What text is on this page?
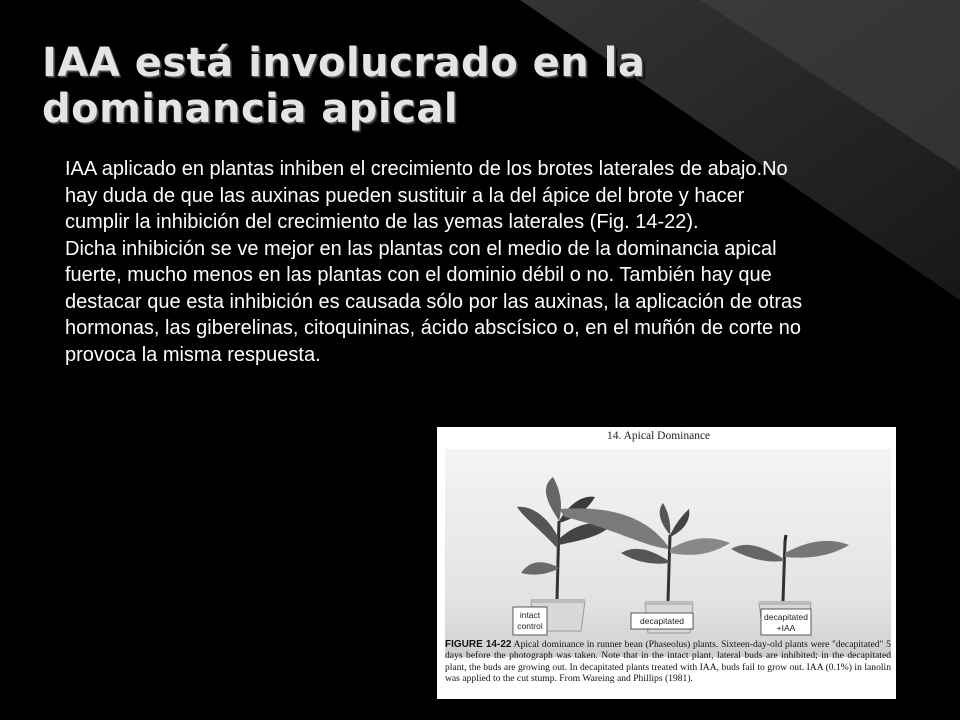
IAA está involucrado en la dominancia apical

IAA aplicado en plantas inhiben el crecimiento de los brotes laterales de abajo.No hay duda de que las auxinas pueden sustituir a la del ápice del brote y hacer cumplir la inhibición del crecimiento de las yemas laterales (Fig. 14-22).

Dicha inhibición se ve mejor en las plantas con el medio de la dominancia apical fuerte, mucho menos en las plantas con el dominio débil o no. También hay que destacar que esta inhibición es causada sólo por las auxinas, la aplicación de otras hormonas, las giberelinas, citoquininas, ácido abscísico o, en el muñón de corte no provoca la misma respuesta.

14. Apical Dominance
intact
control	decapitated	decapitated
+IAA
FIGURE 14-22 Apical dominance in runner bean (Phaseolus) plants. Sixteen-day-old plants were "decapitated" 5 days before the photograph was taken. Note that in the intact plant, lateral buds are inhibited; in the decapitated plant, the buds are growing out. In decapitated plants treated with IAA, buds fail to grow out. IAA (0.1%) in lanolin was applied to the cut stump. From Wareing and Phillips (1981).
